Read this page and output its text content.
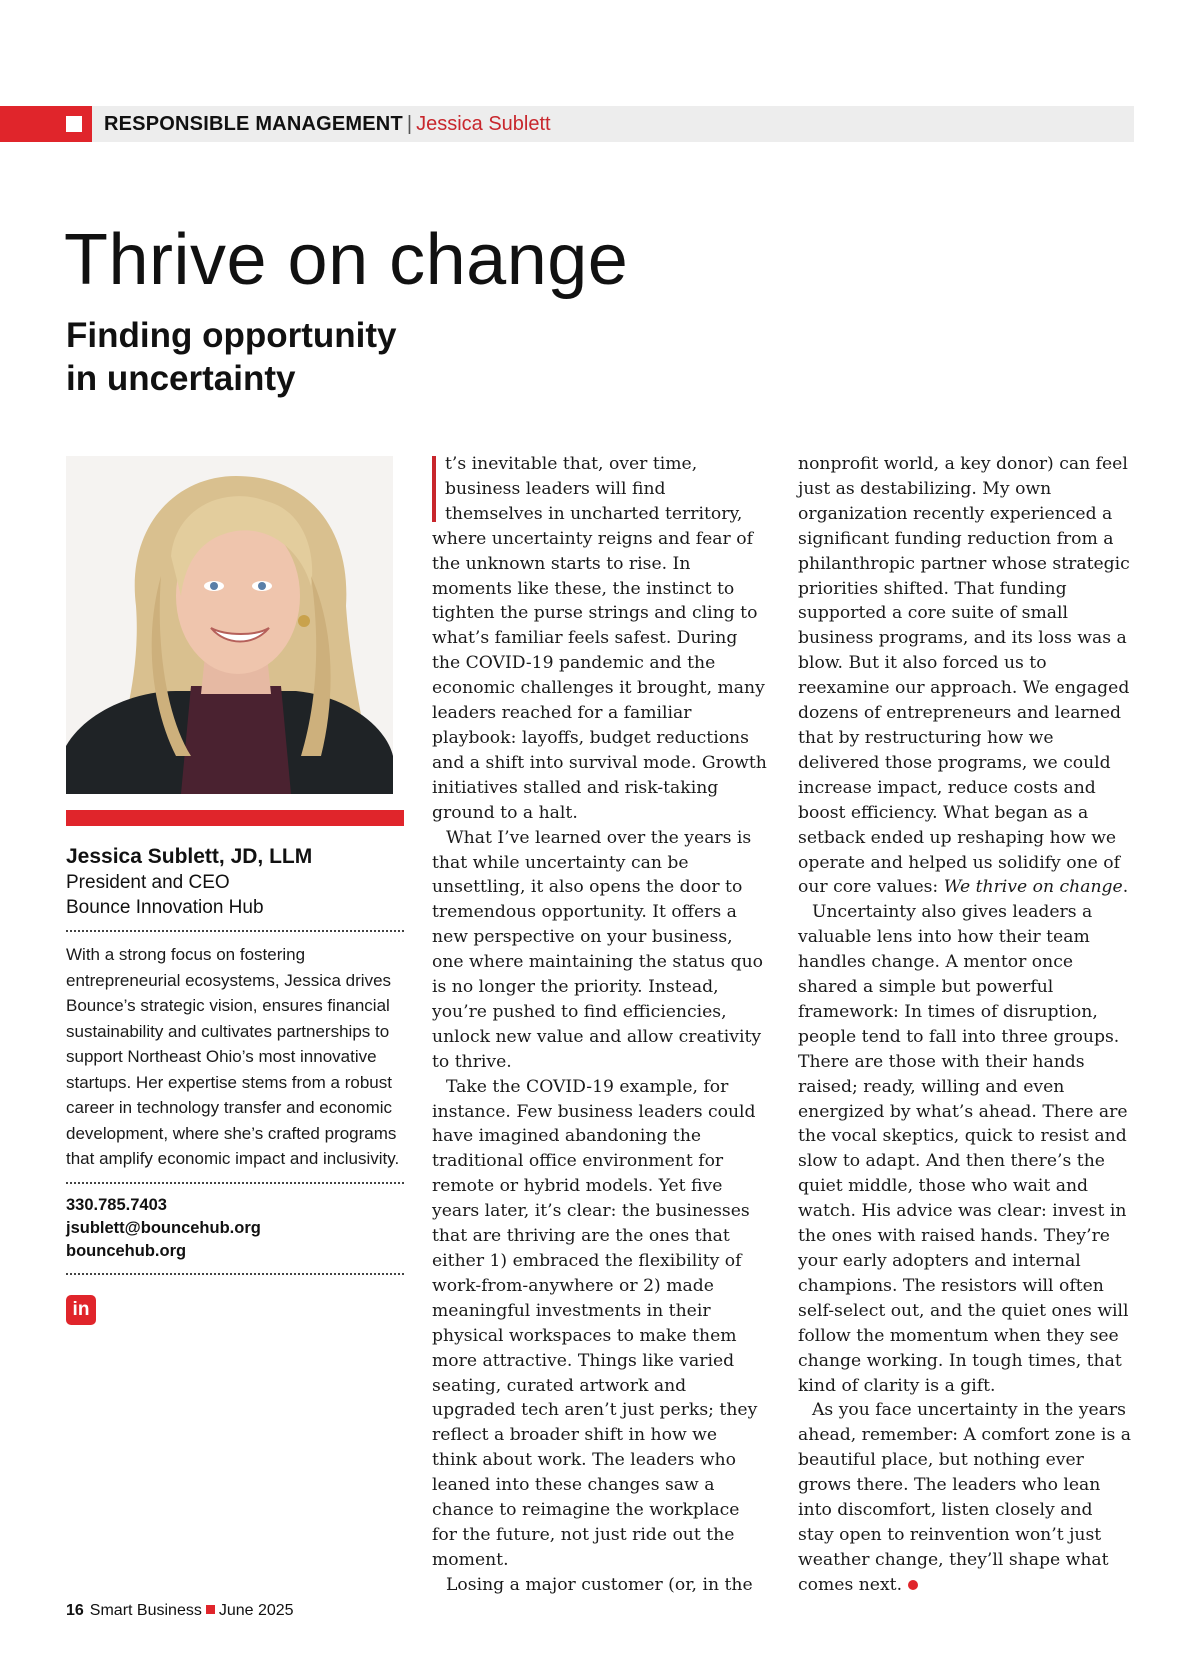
RESPONSIBLE MANAGEMENT | Jessica Sublett
Thrive on change
Finding opportunity
in uncertainty
Jessica Sublett, JD, LLM
President and CEO
Bounce Innovation Hub
With a strong focus on fostering entrepreneurial ecosystems, Jessica drives Bounce’s strategic vision, ensures financial sustainability and cultivates partnerships to support Northeast Ohio’s most innovative startups. Her expertise stems from a robust career in technology transfer and economic development, where she’s crafted programs that amplify economic impact and inclusivity.
330.785.7403
jsublett@bouncehub.org
bouncehub.org
in

t’s inevitable that, over time, business leaders will find themselves in uncharted territory, where uncertainty reigns and fear of the unknown starts to rise. In moments like these, the instinct to tighten the purse strings and cling to what’s familiar feels safest. During the COVID-19 pandemic and the economic challenges it brought, many leaders reached for a familiar playbook: layoffs, budget reductions and a shift into survival mode. Growth initiatives stalled and risk-taking ground to a halt.

What I’ve learned over the years is that while uncertainty can be unsettling, it also opens the door to tremendous opportunity. It offers a new perspective on your business, one where maintaining the status quo is no longer the priority. Instead, you’re pushed to find efficiencies, unlock new value and allow creativity to thrive.

Take the COVID-19 example, for instance. Few business leaders could have imagined abandoning the traditional office environment for remote or hybrid models. Yet five years later, it’s clear: the businesses that are thriving are the ones that either 1) embraced the flexibility of work-from-anywhere or 2) made meaningful investments in their physical workspaces to make them more attractive. Things like varied seating, curated artwork and upgraded tech aren’t just perks; they reflect a broader shift in how we think about work. The leaders who leaned into these changes saw a chance to reimagine the workplace for the future, not just ride out the moment.

Losing a major customer (or, in the

nonprofit world, a key donor) can feel just as destabilizing. My own organization recently experienced a significant funding reduction from a philanthropic partner whose strategic priorities shifted. That funding supported a core suite of small business programs, and its loss was a blow. But it also forced us to reexamine our approach. We engaged dozens of entrepreneurs and learned that by restructuring how we delivered those programs, we could increase impact, reduce costs and boost efficiency. What began as a setback ended up reshaping how we operate and helped us solidify one of our core values: We thrive on change.

Uncertainty also gives leaders a valuable lens into how their team handles change. A mentor once shared a simple but powerful framework: In times of disruption, people tend to fall into three groups. There are those with their hands raised; ready, willing and even energized by what’s ahead. There are the vocal skeptics, quick to resist and slow to adapt. And then there’s the quiet middle, those who wait and watch. His advice was clear: invest in the ones with raised hands. They’re your early adopters and internal champions. The resistors will often self-select out, and the quiet ones will follow the momentum when they see change working. In tough times, that kind of clarity is a gift.

As you face uncertainty in the years ahead, remember: A comfort zone is a beautiful place, but nothing ever grows there. The leaders who lean into discomfort, listen closely and stay open to reinvention won’t just weather change, they’ll shape what comes next.

16 Smart Business June 2025
